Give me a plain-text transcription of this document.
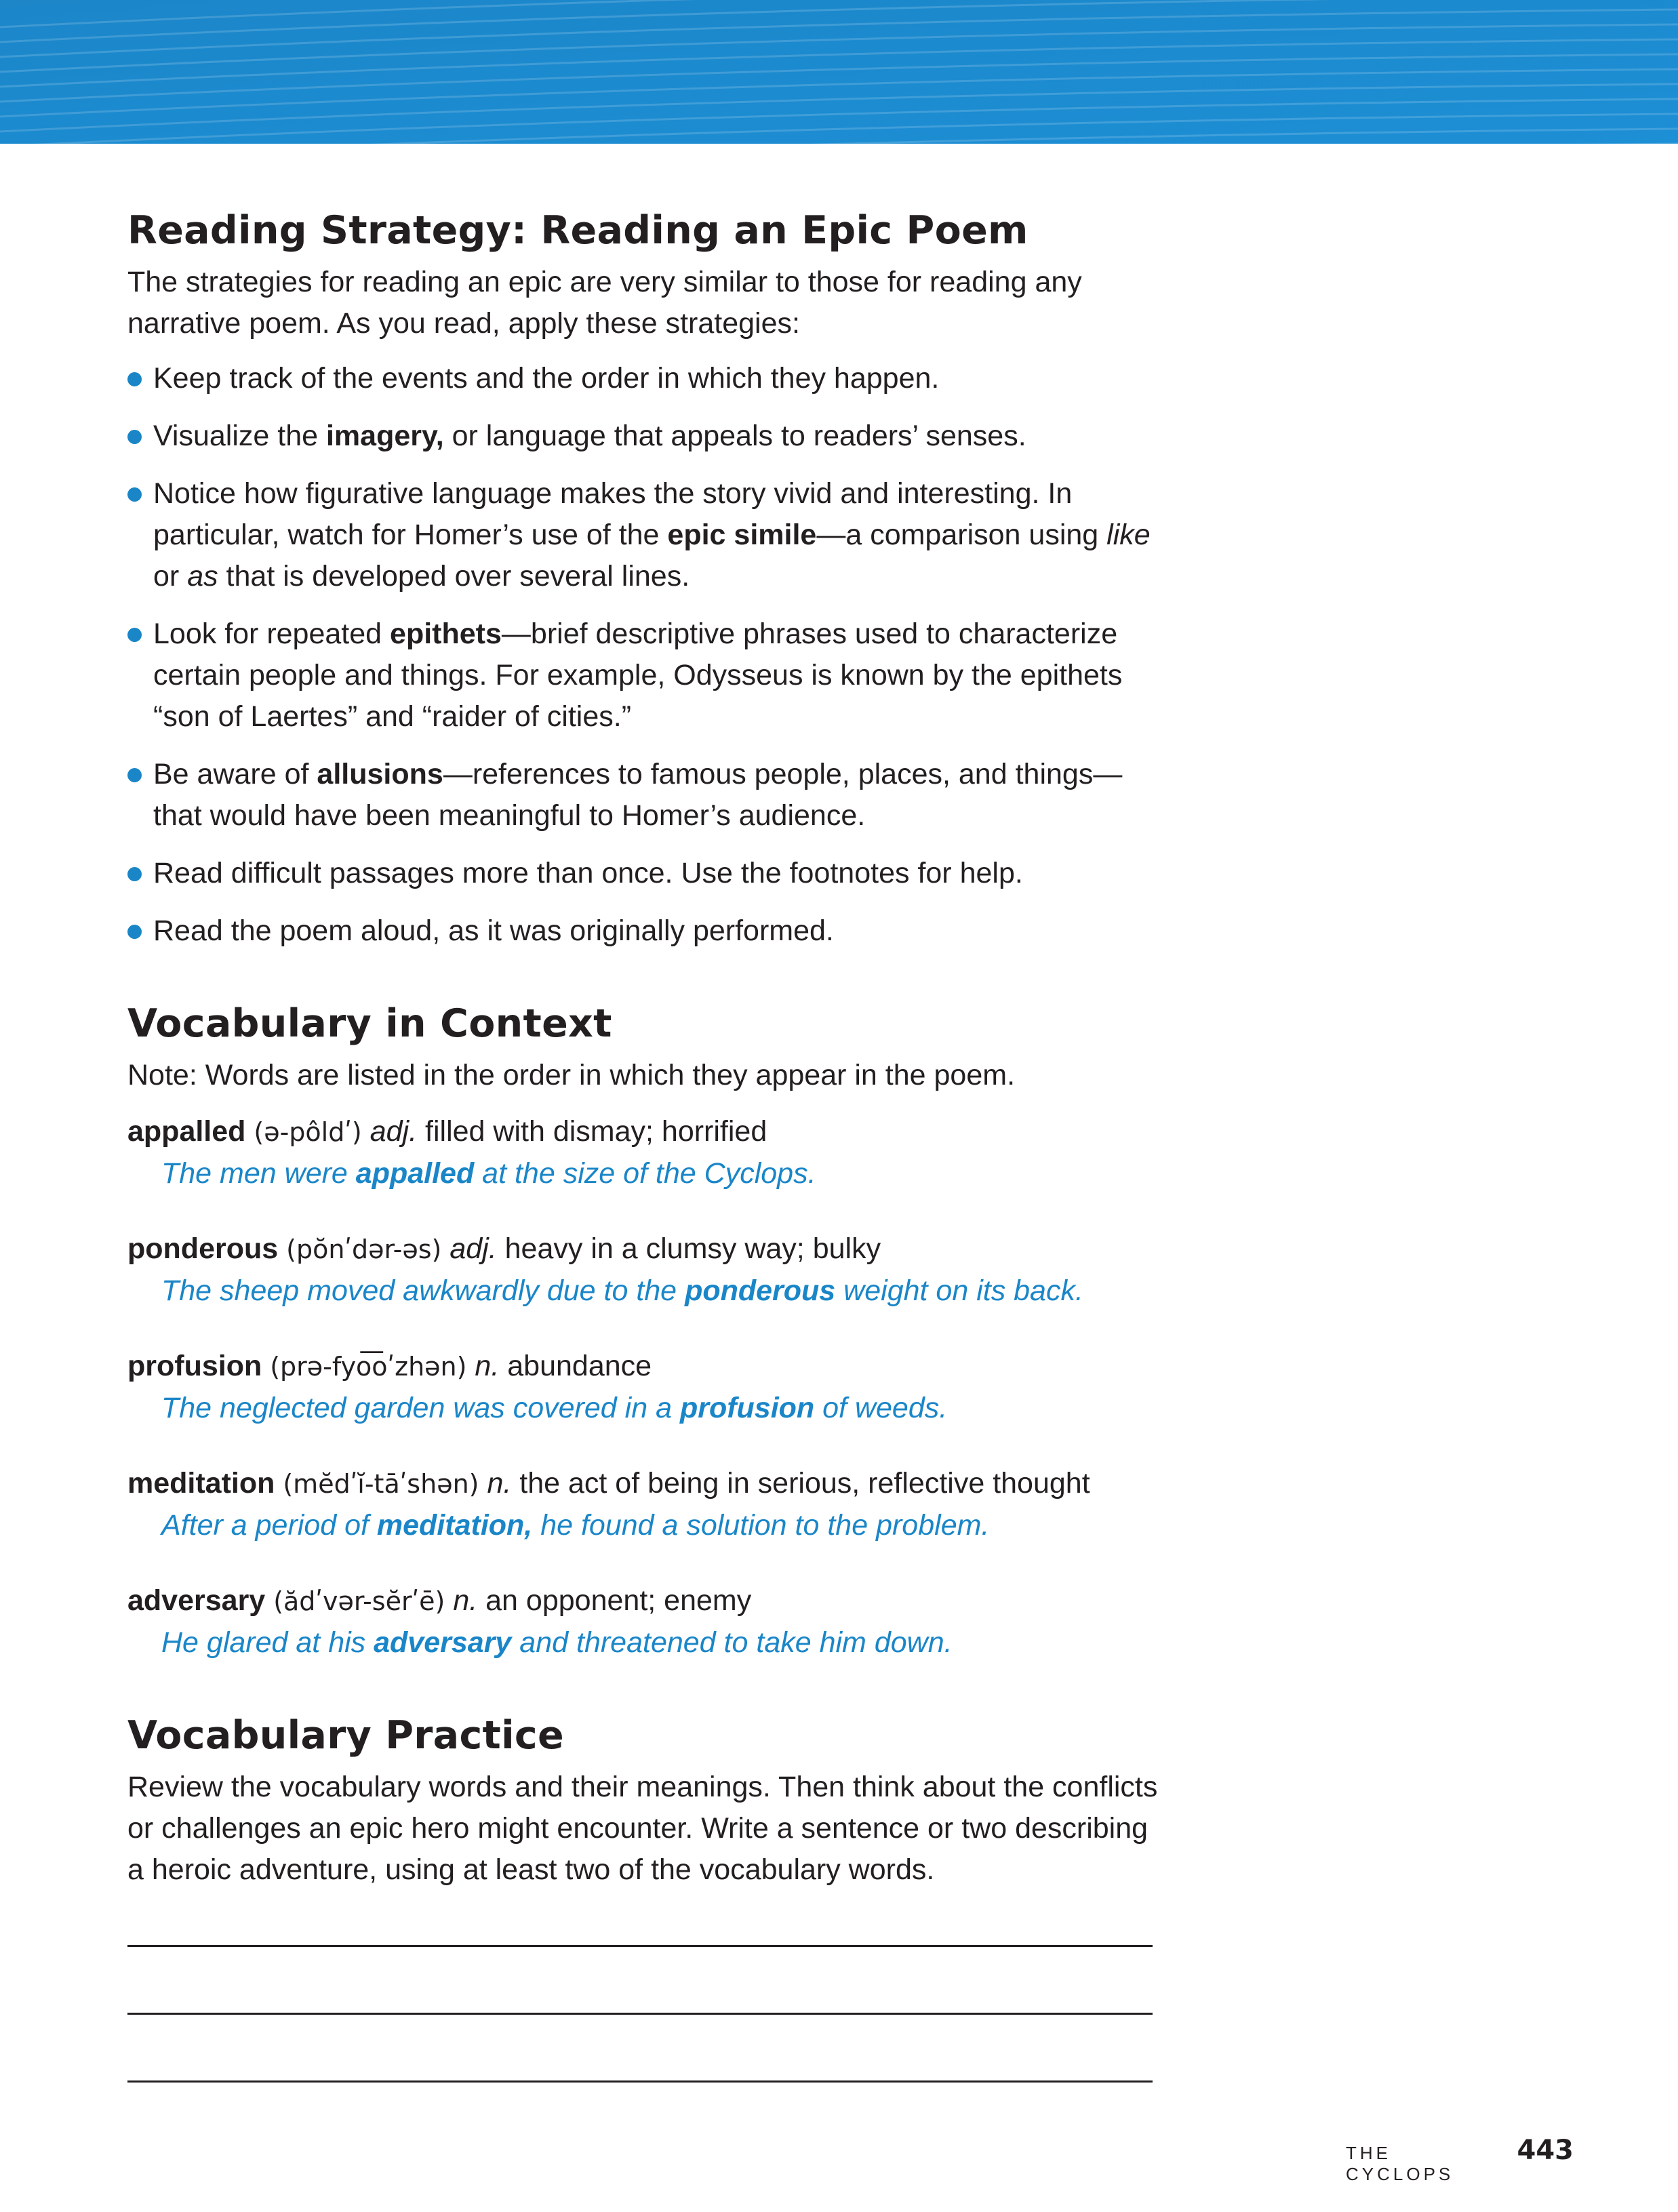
Reading Strategy: Reading an Epic Poem

The strategies for reading an epic are very similar to those for reading any narrative poem. As you read, apply these strategies:

Keep track of the events and the order in which they happen.
Visualize the imagery, or language that appeals to readers’ senses.
Notice how figurative language makes the story vivid and interesting. In particular, watch for Homer’s use of the epic simile—a comparison using like or as that is developed over several lines.
Look for repeated epithets—brief descriptive phrases used to characterize certain people and things. For example, Odysseus is known by the epithets “son of Laertes” and “raider of cities.”
Be aware of allusions—references to famous people, places, and things—that would have been meaningful to Homer’s audience.
Read difficult passages more than once. Use the footnotes for help.
Read the poem aloud, as it was originally performed.
Vocabulary in Context

Note: Words are listed in the order in which they appear in the poem.

appalled (ə-pôldʹ) adj. filled with dismay; horrified

The men were appalled at the size of the Cyclops.

ponderous (pŏnʹdər-əs) adj. heavy in a clumsy way; bulky

The sheep moved awkwardly due to the ponderous weight on its back.

profusion (prə-fyo͞oʹzhən) n. abundance

The neglected garden was covered in a profusion of weeds.

meditation (mĕdʹĭ-tāʹshən) n. the act of being in serious, reflective thought

After a period of meditation, he found a solution to the problem.

adversary (ădʹvər-sĕrʹē) n. an opponent; enemy

He glared at his adversary and threatened to take him down.

Vocabulary Practice

Review the vocabulary words and their meanings. Then think about the conflicts or challenges an epic hero might encounter. Write a sentence or two describing a heroic adventure, using at least two of the vocabulary words.

THE CYCLOPS
443
